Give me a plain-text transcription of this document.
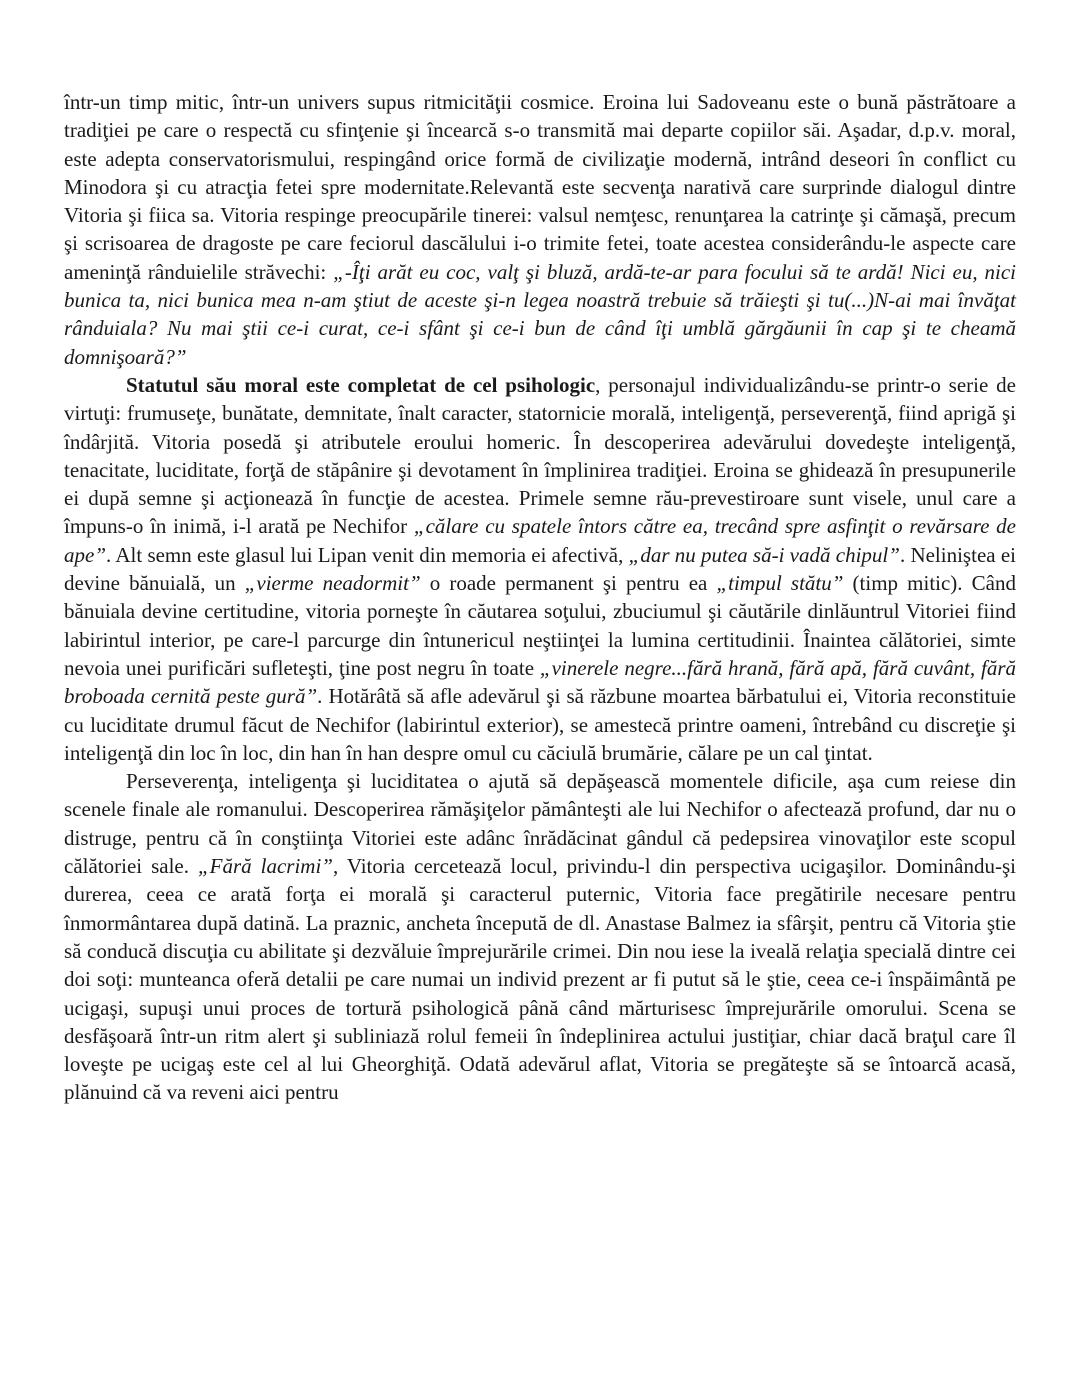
într-un timp mitic, într-un univers supus ritmicităţii cosmice. Eroina lui Sadoveanu este o bună păstrătoare a tradiţiei pe care o respectă cu sfinţenie şi încearcă s-o transmită mai departe copiilor săi. Aşadar, d.p.v. moral, este adepta conservatorismului, respingând orice formă de civilizaţie modernă, intrând deseori în conflict cu Minodora şi cu atracţia fetei spre modernitate.Relevantă este secvenţa narativă care surprinde dialogul dintre Vitoria şi fiica sa. Vitoria respinge preocupările tinerei: valsul nemţesc, renunţarea la catrinţe şi cămaşă, precum şi scrisoarea de dragoste pe care feciorul dascălului i-o trimite fetei, toate acestea considerându-le aspecte care ameninţă rânduielile străvechi: „-Îţi arăt eu coc, valţ şi bluză, ardă-te-ar para focului să te ardă! Nici eu, nici bunica ta, nici bunica mea n-am ştiut de aceste şi-n legea noastră trebuie să trăieşti şi tu(...)N-ai mai învăţat rânduiala? Nu mai ştii ce-i curat, ce-i sfânt şi ce-i bun de când îţi umblă gărgăunii în cap şi te cheamă domnişoară?”

Statutul său moral este completat de cel psihologic, personajul individualizându-se printr-o serie de virtuţi: frumuseţe, bunătate, demnitate, înalt caracter, statornicie morală, inteligenţă, perseverenţă, fiind aprigă şi îndârjită. Vitoria posedă şi atributele eroului homeric. În descoperirea adevărului dovedeşte inteligenţă, tenacitate, luciditate, forţă de stăpânire şi devotament în împlinirea tradiţiei. Eroina se ghidează în presupunerile ei după semne şi acţionează în funcţie de acestea. Primele semne rău-prevestiroare sunt visele, unul care a împuns-o în inimă, i-l arată pe Nechifor „călare cu spatele întors către ea, trecând spre asfinţit o revărsare de ape”. Alt semn este glasul lui Lipan venit din memoria ei afectivă, „dar nu putea să-i vadă chipul”. Neliniştea ei devine bănuială, un „vierme neadormit” o roade permanent şi pentru ea „timpul stătu” (timp mitic). Când bănuiala devine certitudine, vitoria porneşte în căutarea soţului, zbuciumul şi căutările dinlăuntrul Vitoriei fiind labirintul interior, pe care-l parcurge din întunericul neştiinţei la lumina certitudinii. Înaintea călătoriei, simte nevoia unei purificări sufleteşti, ţine post negru în toate „vinerele negre...fără hrană, fără apă, fără cuvânt, fără broboada cernită peste gură”. Hotărâtă să afle adevărul şi să răzbune moartea bărbatului ei, Vitoria reconstituie cu luciditate drumul făcut de Nechifor (labirintul exterior), se amestecă printre oameni, întrebând cu discreţie şi inteligenţă din loc în loc, din han în han despre omul cu căciulă brumărie, călare pe un cal ţintat.

Perseverenţa, inteligenţa şi luciditatea o ajută să depăşească momentele dificile, aşa cum reiese din scenele finale ale romanului. Descoperirea rămăşiţelor pământeşti ale lui Nechifor o afectează profund, dar nu o distruge, pentru că în conştiinţa Vitoriei este adânc înrădăcinat gândul că pedepsirea vinovaţilor este scopul călătoriei sale. „Fără lacrimi”, Vitoria cercetează locul, privindu-l din perspectiva ucigaşilor. Dominându-şi durerea, ceea ce arată forţa ei morală şi caracterul puternic, Vitoria face pregătirile necesare pentru înmormântarea după datină. La praznic, ancheta începută de dl. Anastase Balmez ia sfârşit, pentru că Vitoria ştie să conducă discuţia cu abilitate şi dezvăluie împrejurările crimei. Din nou iese la iveală relaţia specială dintre cei doi soţi: munteanca oferă detalii pe care numai un individ prezent ar fi putut să le ştie, ceea ce-i înspăimântă pe ucigaşi, supuşi unui proces de tortură psihologică până când mărturisesc împrejurările omorului. Scena se desfăşoară într-un ritm alert şi subliniază rolul femeii în îndeplinirea actului justiţiar, chiar dacă braţul care îl loveşte pe ucigaş este cel al lui Gheorghiţă. Odată adevărul aflat, Vitoria se pregăteşte să se întoarcă acasă, plănuind că va reveni aici pentru
